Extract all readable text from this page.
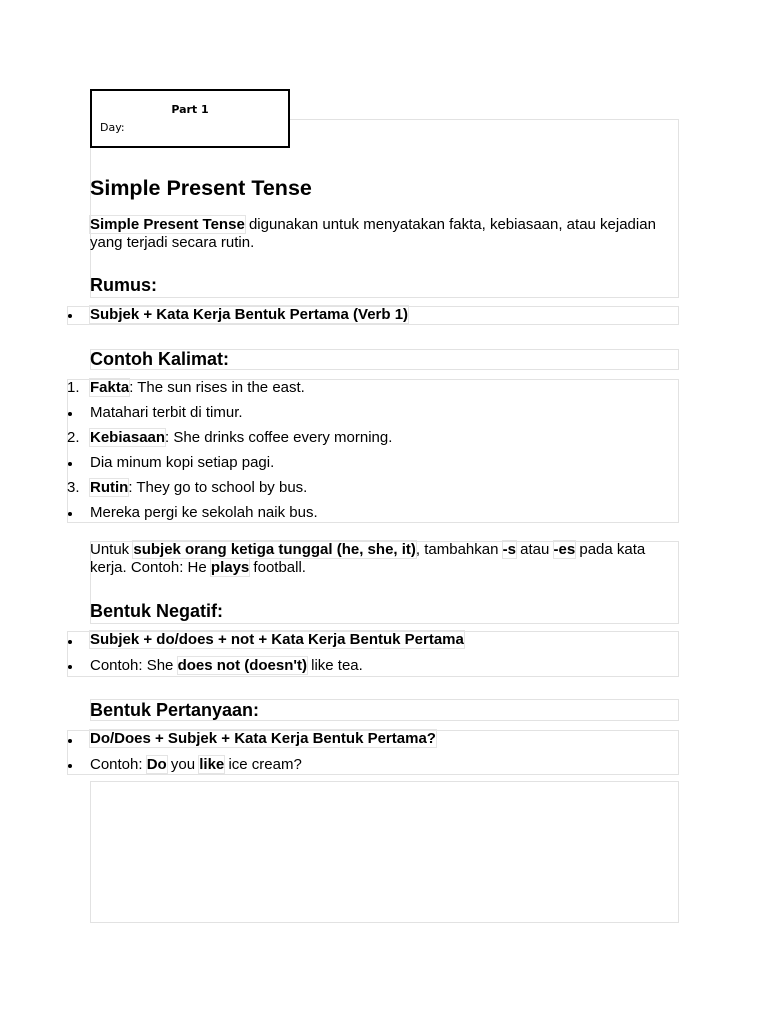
Part 1
Day:
Simple Present Tense
Simple Present Tense digunakan untuk menyatakan fakta, kebiasaan, atau kejadian yang terjadi secara rutin.
Rumus:
Subjek + Kata Kerja Bentuk Pertama (Verb 1)
Contoh Kalimat:
1. Fakta: The sun rises in the east.
Matahari terbit di timur.
2. Kebiasaan: She drinks coffee every morning.
Dia minum kopi setiap pagi.
3. Rutin: They go to school by bus.
Mereka pergi ke sekolah naik bus.
Untuk subjek orang ketiga tunggal (he, she, it), tambahkan -s atau -es pada kata kerja. Contoh: He plays football.
Bentuk Negatif:
Subjek + do/does + not + Kata Kerja Bentuk Pertama
Contoh: She does not (doesn't) like tea.
Bentuk Pertanyaan:
Do/Does + Subjek + Kata Kerja Bentuk Pertama?
Contoh: Do you like ice cream?
